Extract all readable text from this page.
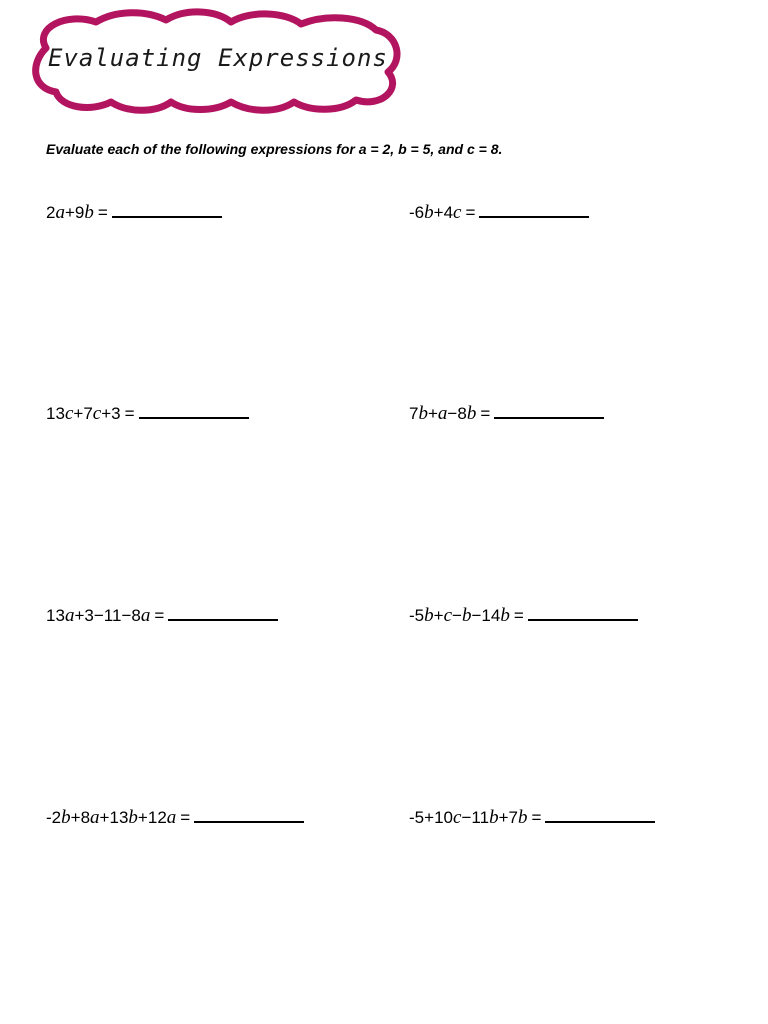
Evaluating Expressions
Evaluate each of the following expressions for a = 2, b = 5, and c = 8.
2a+9b =	-6b+4c =
13c+7c+3 =	7b+a−8b =
13a+3−11−8a =	-5b+c−b−14b =
-2b+8a+13b+12a =	-5+10c−11b+7b =
